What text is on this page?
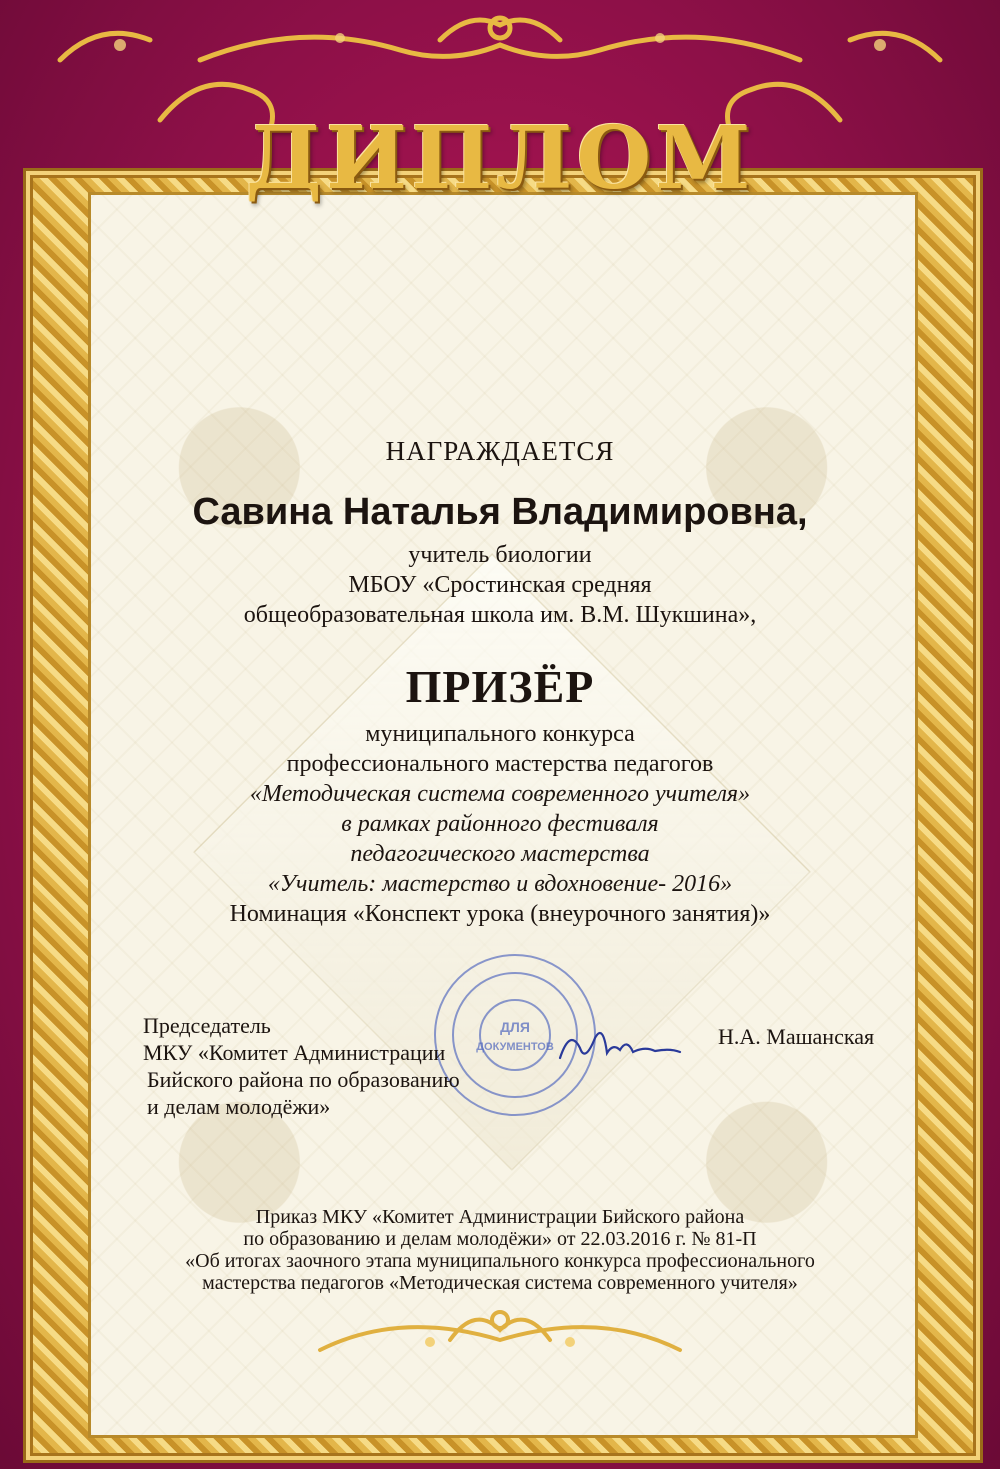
ДИПЛОМ

НАГРАЖДАЕТСЯ

Савина Наталья Владимировна,

учитель биологии

МБОУ «Сростинская средняя

общеобразовательная школа им. В.М. Шукшина»,

ПРИЗЁР

муниципального конкурса

профессионального мастерства педагогов

«Методическая система современного учителя»

в рамках районного фестиваля

педагогического мастерства

«Учитель: мастерство и вдохновение- 2016»

Номинация «Конспект урока (внеурочного занятия)»

ДЛЯ
ДОКУМЕНТОВ
Председатель
МКУ «Комитет Администрации
Бийского района по образованию
и делам молодёжи»
Н.А. Машанская
Приказ МКУ «Комитет Администрации Бийского района
по образованию и делам молодёжи» от 22.03.2016 г. № 81-П
«Об итогах заочного этапа муниципального конкурса профессионального
мастерства педагогов «Методическая система современного учителя»
